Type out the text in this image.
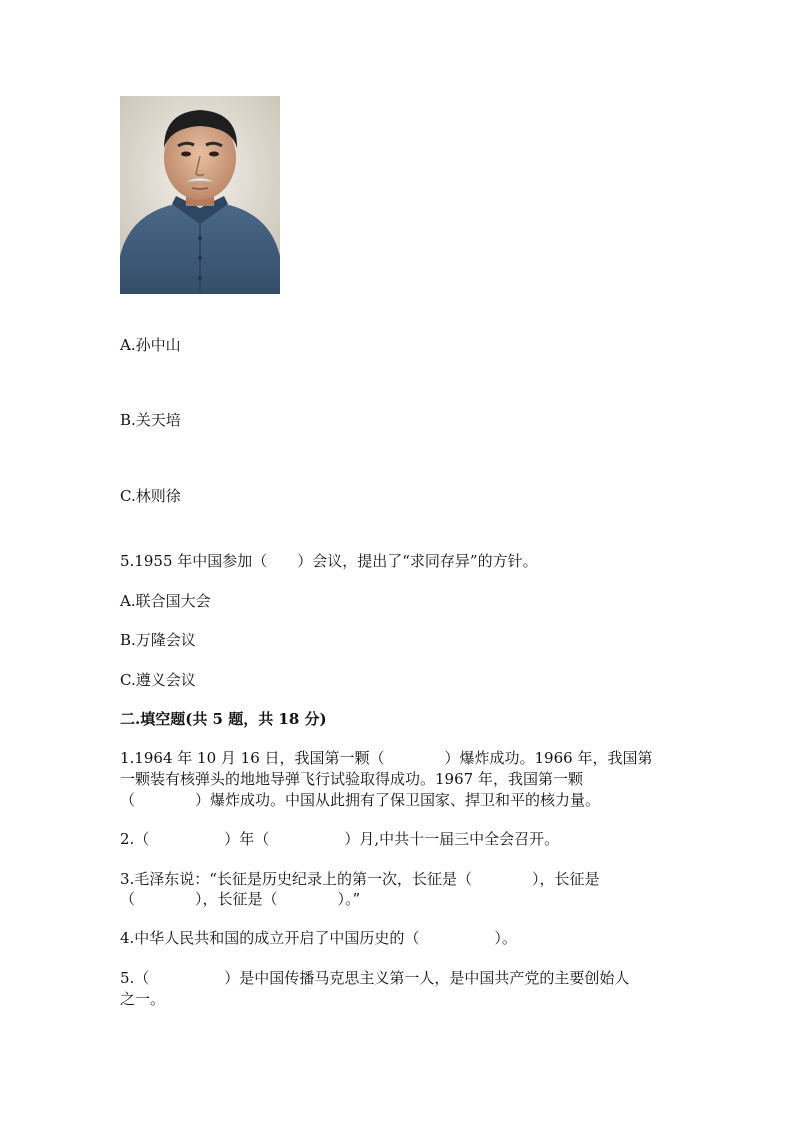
A.孙中山
B.关天培
C.林则徐
5.1955 年中国参加（　　）会议，提出了“求同存异”的方针。
A.联合国大会
B.万隆会议
C.遵义会议
二.填空题(共 5 题，共 18 分)
1.1964 年 10 月 16 日，我国第一颗（　　　　）爆炸成功。1966 年，我国第
一颗装有核弹头的地地导弹飞行试验取得成功。1967 年，我国第一颗
（　　　　）爆炸成功。中国从此拥有了保卫国家、捍卫和平的核力量。
2.（　　　　　）年（　　　　　）月,中共十一届三中全会召开。
3.毛泽东说：“长征是历史纪录上的第一次，长征是（　　　　），长征是
（　　　　），长征是（　　　　）。”
4.中华人民共和国的成立开启了中国历史的（　　　　　）。
5.（　　　　　）是中国传播马克思主义第一人，是中国共产党的主要创始人
之一。
